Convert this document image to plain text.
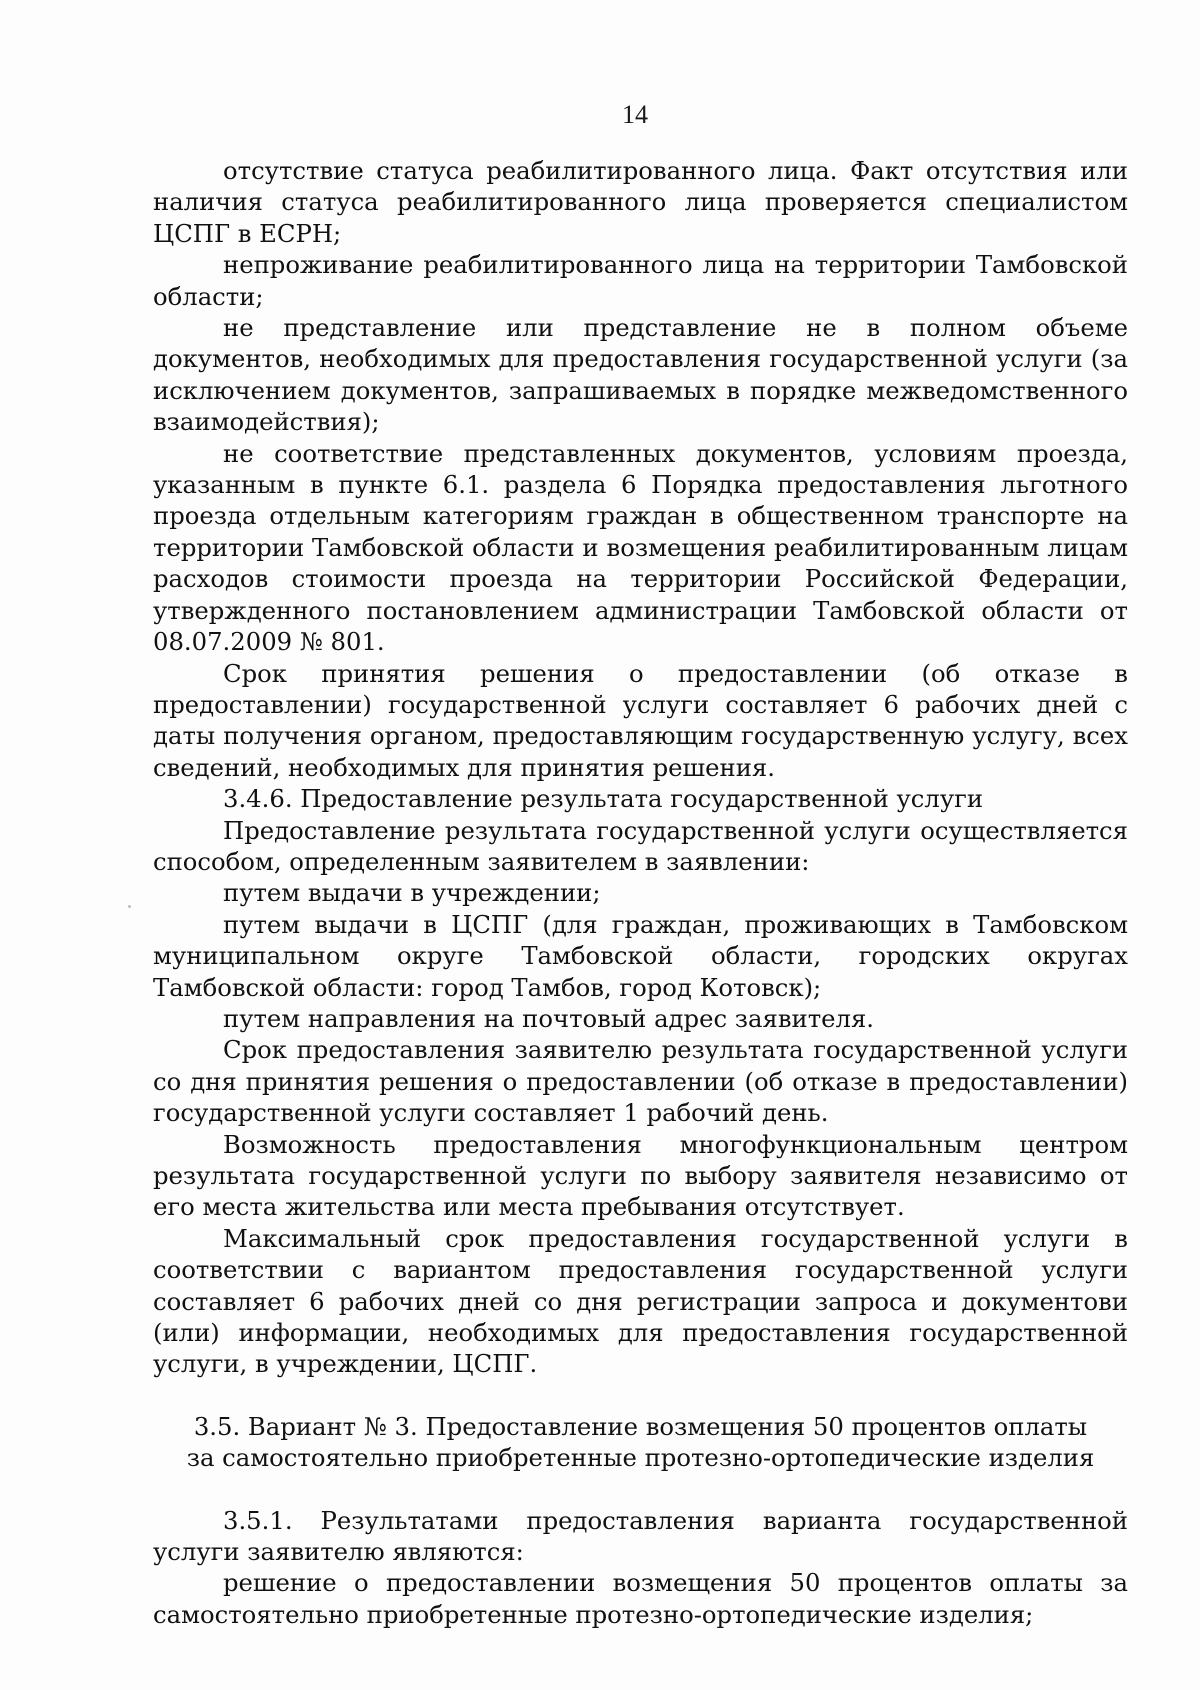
14

отсутствие статуса реабилитированного лица. Факт отсутствия или наличия статуса реабилитированного лица проверяется специалистом ЦСПГ в ЕСРН;

непроживание реабилитированного лица на территории Тамбовской области;

не представление или представление не в полном объеме документов, необходимых для предоставления государственной услуги (за исключением документов, запрашиваемых в порядке межведомственного взаимодействия);

не соответствие представленных документов, условиям проезда, указанным в пункте 6.1. раздела 6 Порядка предоставления льготного проезда отдельным категориям граждан в общественном транспорте на территории Тамбовской области и возмещения реабилитированным лицам расходов стоимости проезда на территории Российской Федерации, утвержденного постановлением администрации Тамбовской области от 08.07.2009 № 801.

Срок принятия решения о предоставлении (об отказе в предоставлении) государственной услуги составляет 6 рабочих дней с даты получения органом, предоставляющим государственную услугу, всех сведений, необходимых для принятия решения.

3.4.6. Предоставление результата государственной услуги

Предоставление результата государственной услуги осуществляется способом, определенным заявителем в заявлении:

путем выдачи в учреждении;

путем выдачи в ЦСПГ (для граждан, проживающих в Тамбовском муниципальном округе Тамбовской области, городских округах Тамбовской области: город Тамбов, город Котовск);

путем направления на почтовый адрес заявителя.

Срок предоставления заявителю результата государственной услуги со дня принятия решения о предоставлении (об отказе в предоставлении) государственной услуги составляет 1 рабочий день.

Возможность предоставления многофункциональным центром результата государственной услуги по выбору заявителя независимо от его места жительства или места пребывания отсутствует.

Максимальный срок предоставления государственной услуги в соответствии с вариантом предоставления государственной услуги составляет 6 рабочих дней со дня регистрации запроса и документови (или) информации, необходимых для предоставления государственной услуги, в учреждении, ЦСПГ.

3.5. Вариант № 3. Предоставление возмещения 50 процентов оплаты

за самостоятельно приобретенные протезно-ортопедические изделия

3.5.1. Результатами предоставления варианта государственной услуги заявителю являются:

решение о предоставлении возмещения 50 процентов оплаты за самостоятельно приобретенные протезно-ортопедические изделия;
